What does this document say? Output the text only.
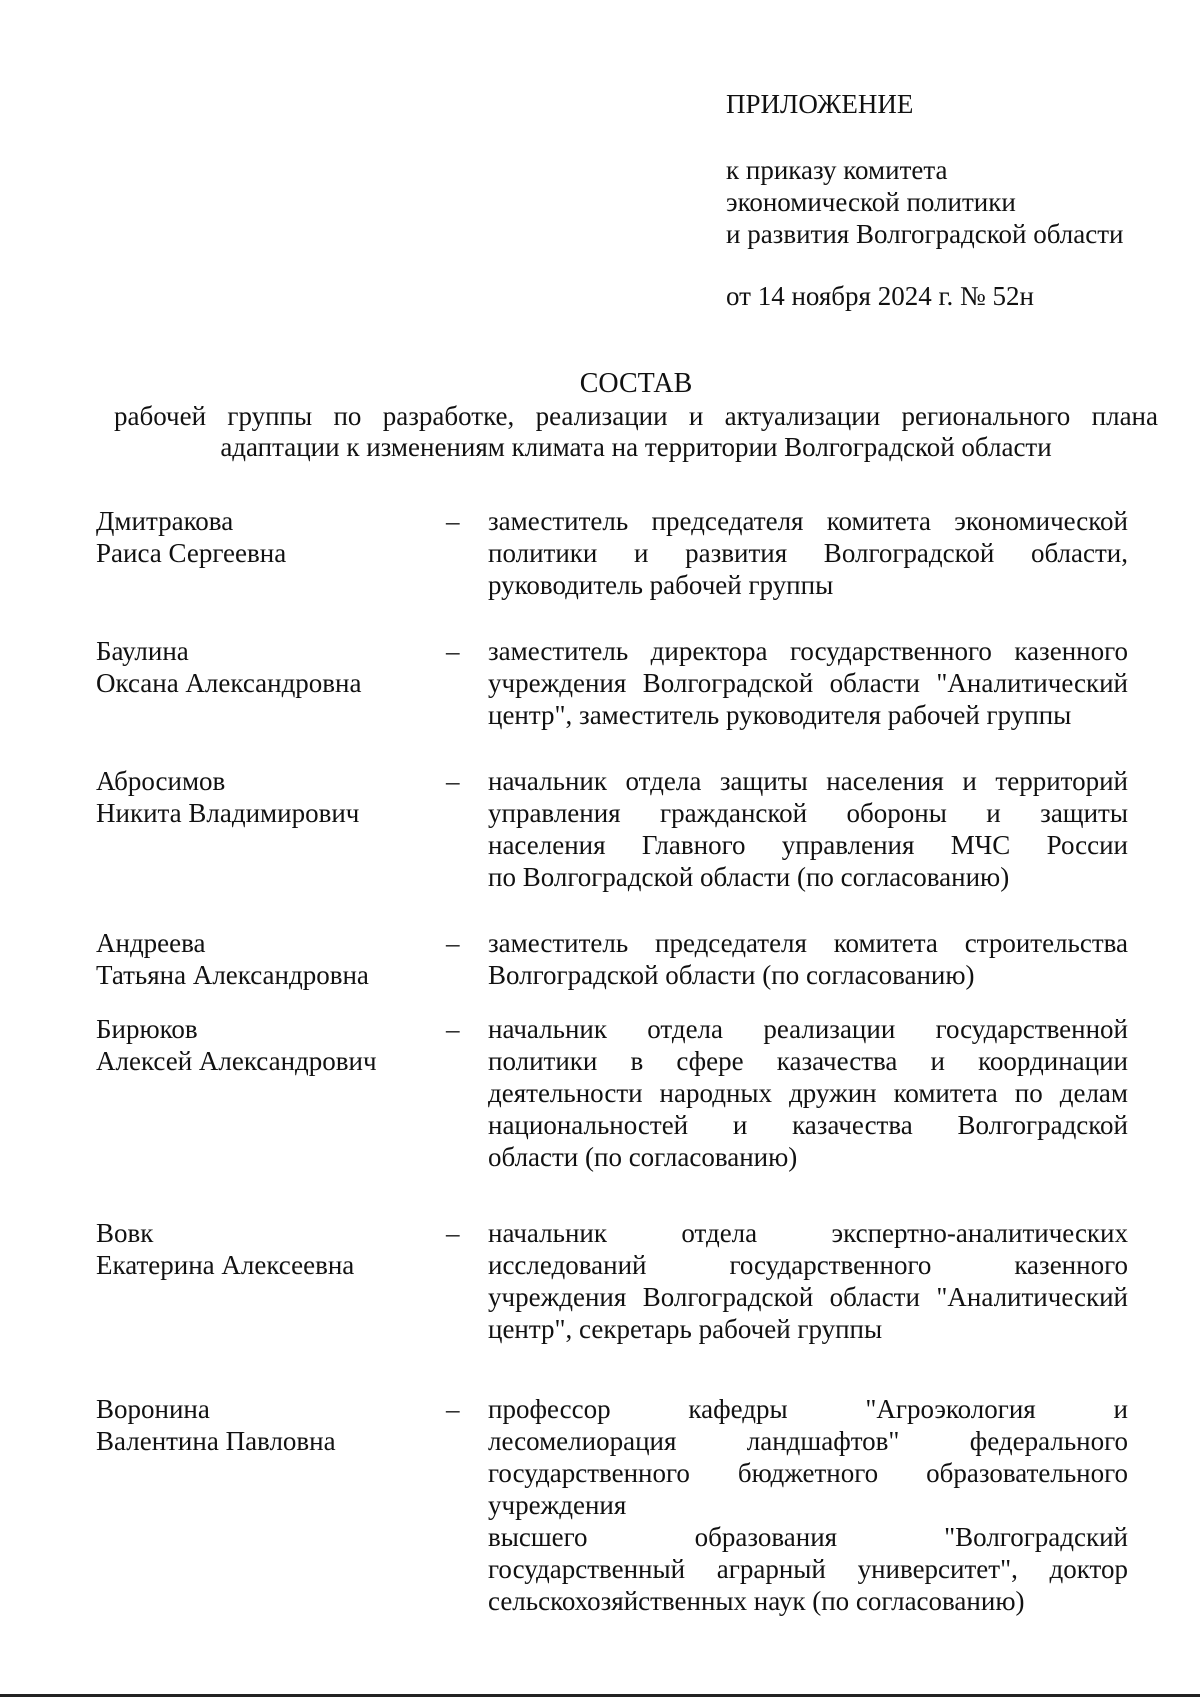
ПРИЛОЖЕНИЕ
к приказу комитета
экономической политики
и развития Волгоградской области
от 14 ноября 2024 г. № 52н
СОСТАВ
рабочей группы по разработке, реализации и актуализации регионального плана
адаптации к изменениям климата на территории Волгоградской области
Дмитракова
Раиса Сергеевна
–	заместитель председателя комитета экономической
политики и развития Волгоградской области,
руководитель рабочей группы
Баулина
Оксана Александровна
–	заместитель директора государственного казенного
учреждения Волгоградской области "Аналитический
центр", заместитель руководителя рабочей группы
Абросимов
Никита Владимирович
–	начальник отдела защиты населения и территорий
управления гражданской обороны и защиты
населения Главного управления МЧС России
по Волгоградской области (по согласованию)
Андреева
Татьяна Александровна
–	заместитель председателя комитета строительства
Волгоградской области (по согласованию)
Бирюков
Алексей Александрович
–	начальник отдела реализации государственной
политики в сфере казачества и координации
деятельности народных дружин комитета по делам
национальностей и казачества Волгоградской
области (по согласованию)
Вовк
Екатерина Алексеевна
–	начальник отдела экспертно-аналитических
исследований государственного казенного
учреждения Волгоградской области "Аналитический
центр", секретарь рабочей группы
Воронина
Валентина Павловна
–	профессор кафедры "Агроэкология и
лесомелиорация ландшафтов" федерального
государственного бюджетного образовательного
учреждения
высшего образования "Волгоградский
государственный аграрный университет", доктор
сельскохозяйственных наук (по согласованию)
